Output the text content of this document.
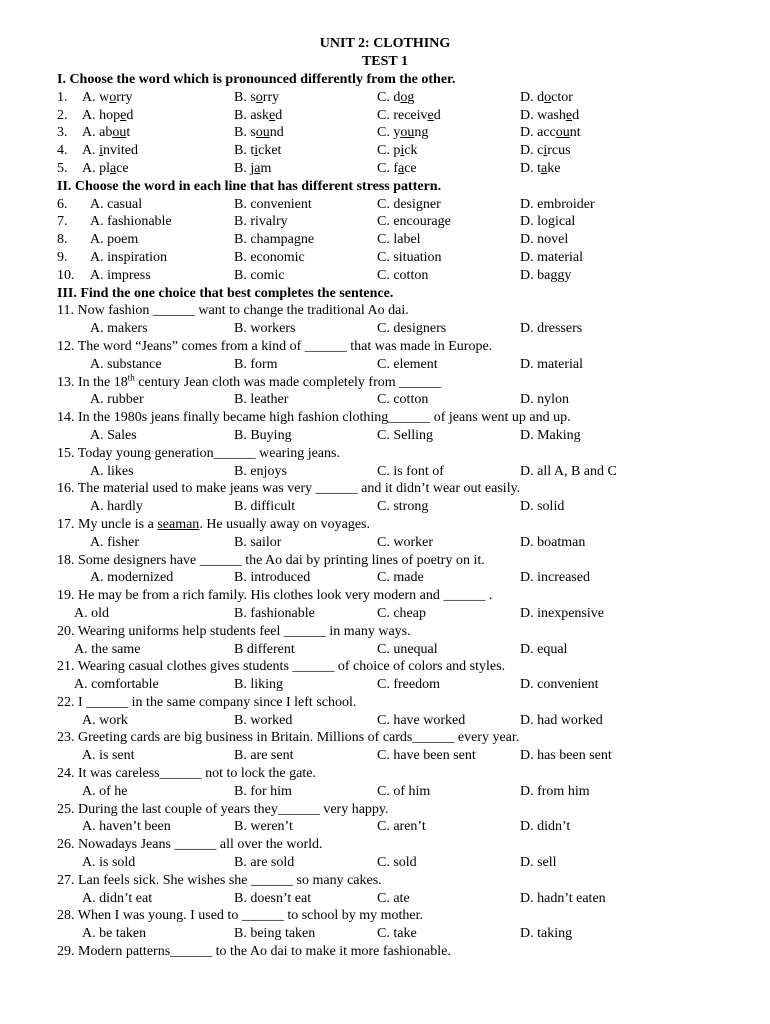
UNIT 2: CLOTHING
TEST 1
I. Choose the word which is pronounced differently from the other.
1. A. worry	B. sorry	C. dog	D. doctor
2. A. hoped	B. asked	C. received	D. washed
3. A. about	B. sound	C. young	D. account
4. A. invited	B. ticket	C. pick	D. circus
5. A. place	B. jam	C. face	D. take
II. Choose the word in each line that has different stress pattern.
6. A. casual	B. convenient	C. designer	D. embroider
7. A. fashionable	B. rivalry	C. encourage	D. logical
8. A. poem	B. champagne	C. label	D. novel
9. A. inspiration	B. economic	C. situation	D. material
10. A. impress	B. comic	C. cotton	D. baggy
III. Find the one choice that best completes the sentence.
11. Now fashion ______ want to change the traditional Ao dai.
A. makers	B. workers	C. designers	D. dressers
12. The word “Jeans” comes from a kind of ______ that was made in Europe.
A. substance	B. form	C. element	D. material
13. In the 18th century Jean cloth was made completely from ______
A. rubber	B. leather	C. cotton	D. nylon
14. In the 1980s jeans finally became high fashion clothing______ of jeans went up and up.
A. Sales	B. Buying	C. Selling	D. Making
15. Today young generation______ wearing jeans.
A. likes	B. enjoys	C. is font of	D. all A, B and C
16. The material used to make jeans was very ______ and it didn’t wear out easily.
A. hardly	B. difficult	C. strong	D. solid
17. My uncle is a seaman. He usually away on voyages.
A. fisher	B. sailor	C. worker	D. boatman
18. Some designers have ______ the Ao dai by printing lines of poetry on it.
A. modernized	B. introduced	C. made	D. increased
19. He may be from a rich family. His clothes look very modern and ______ .
A. old	B. fashionable	C. cheap	D. inexpensive
20. Wearing uniforms help students feel ______ in many ways.
A. the same	B different	C. unequal	D. equal
21. Wearing casual clothes gives students ______ of choice of colors and styles.
A. comfortable	B. liking	C. freedom	D. convenient
22. I ______ in the same company since I left school.
A. work	B. worked	C. have worked	D. had worked
23. Greeting cards are big business in Britain. Millions of cards______ every year.
A. is sent	B. are sent	C. have been sent	D. has been sent
24. It was careless______ not to lock the gate.
A. of he	B. for him	C. of him	D. from him
25. During the last couple of years they______ very happy.
A. haven’t been	B. weren’t	C. aren’t	D. didn’t
26. Nowadays Jeans ______ all over the world.
A. is sold	B. are sold	C. sold	D. sell
27. Lan feels sick. She wishes she ______ so many cakes.
A. didn’t eat	B. doesn’t eat	C. ate	D. hadn’t eaten
28. When I was young. I used to ______ to school by my mother.
A. be taken	B. being taken	C. take	D. taking
29. Modern patterns______ to the Ao dai to make it more fashionable.
